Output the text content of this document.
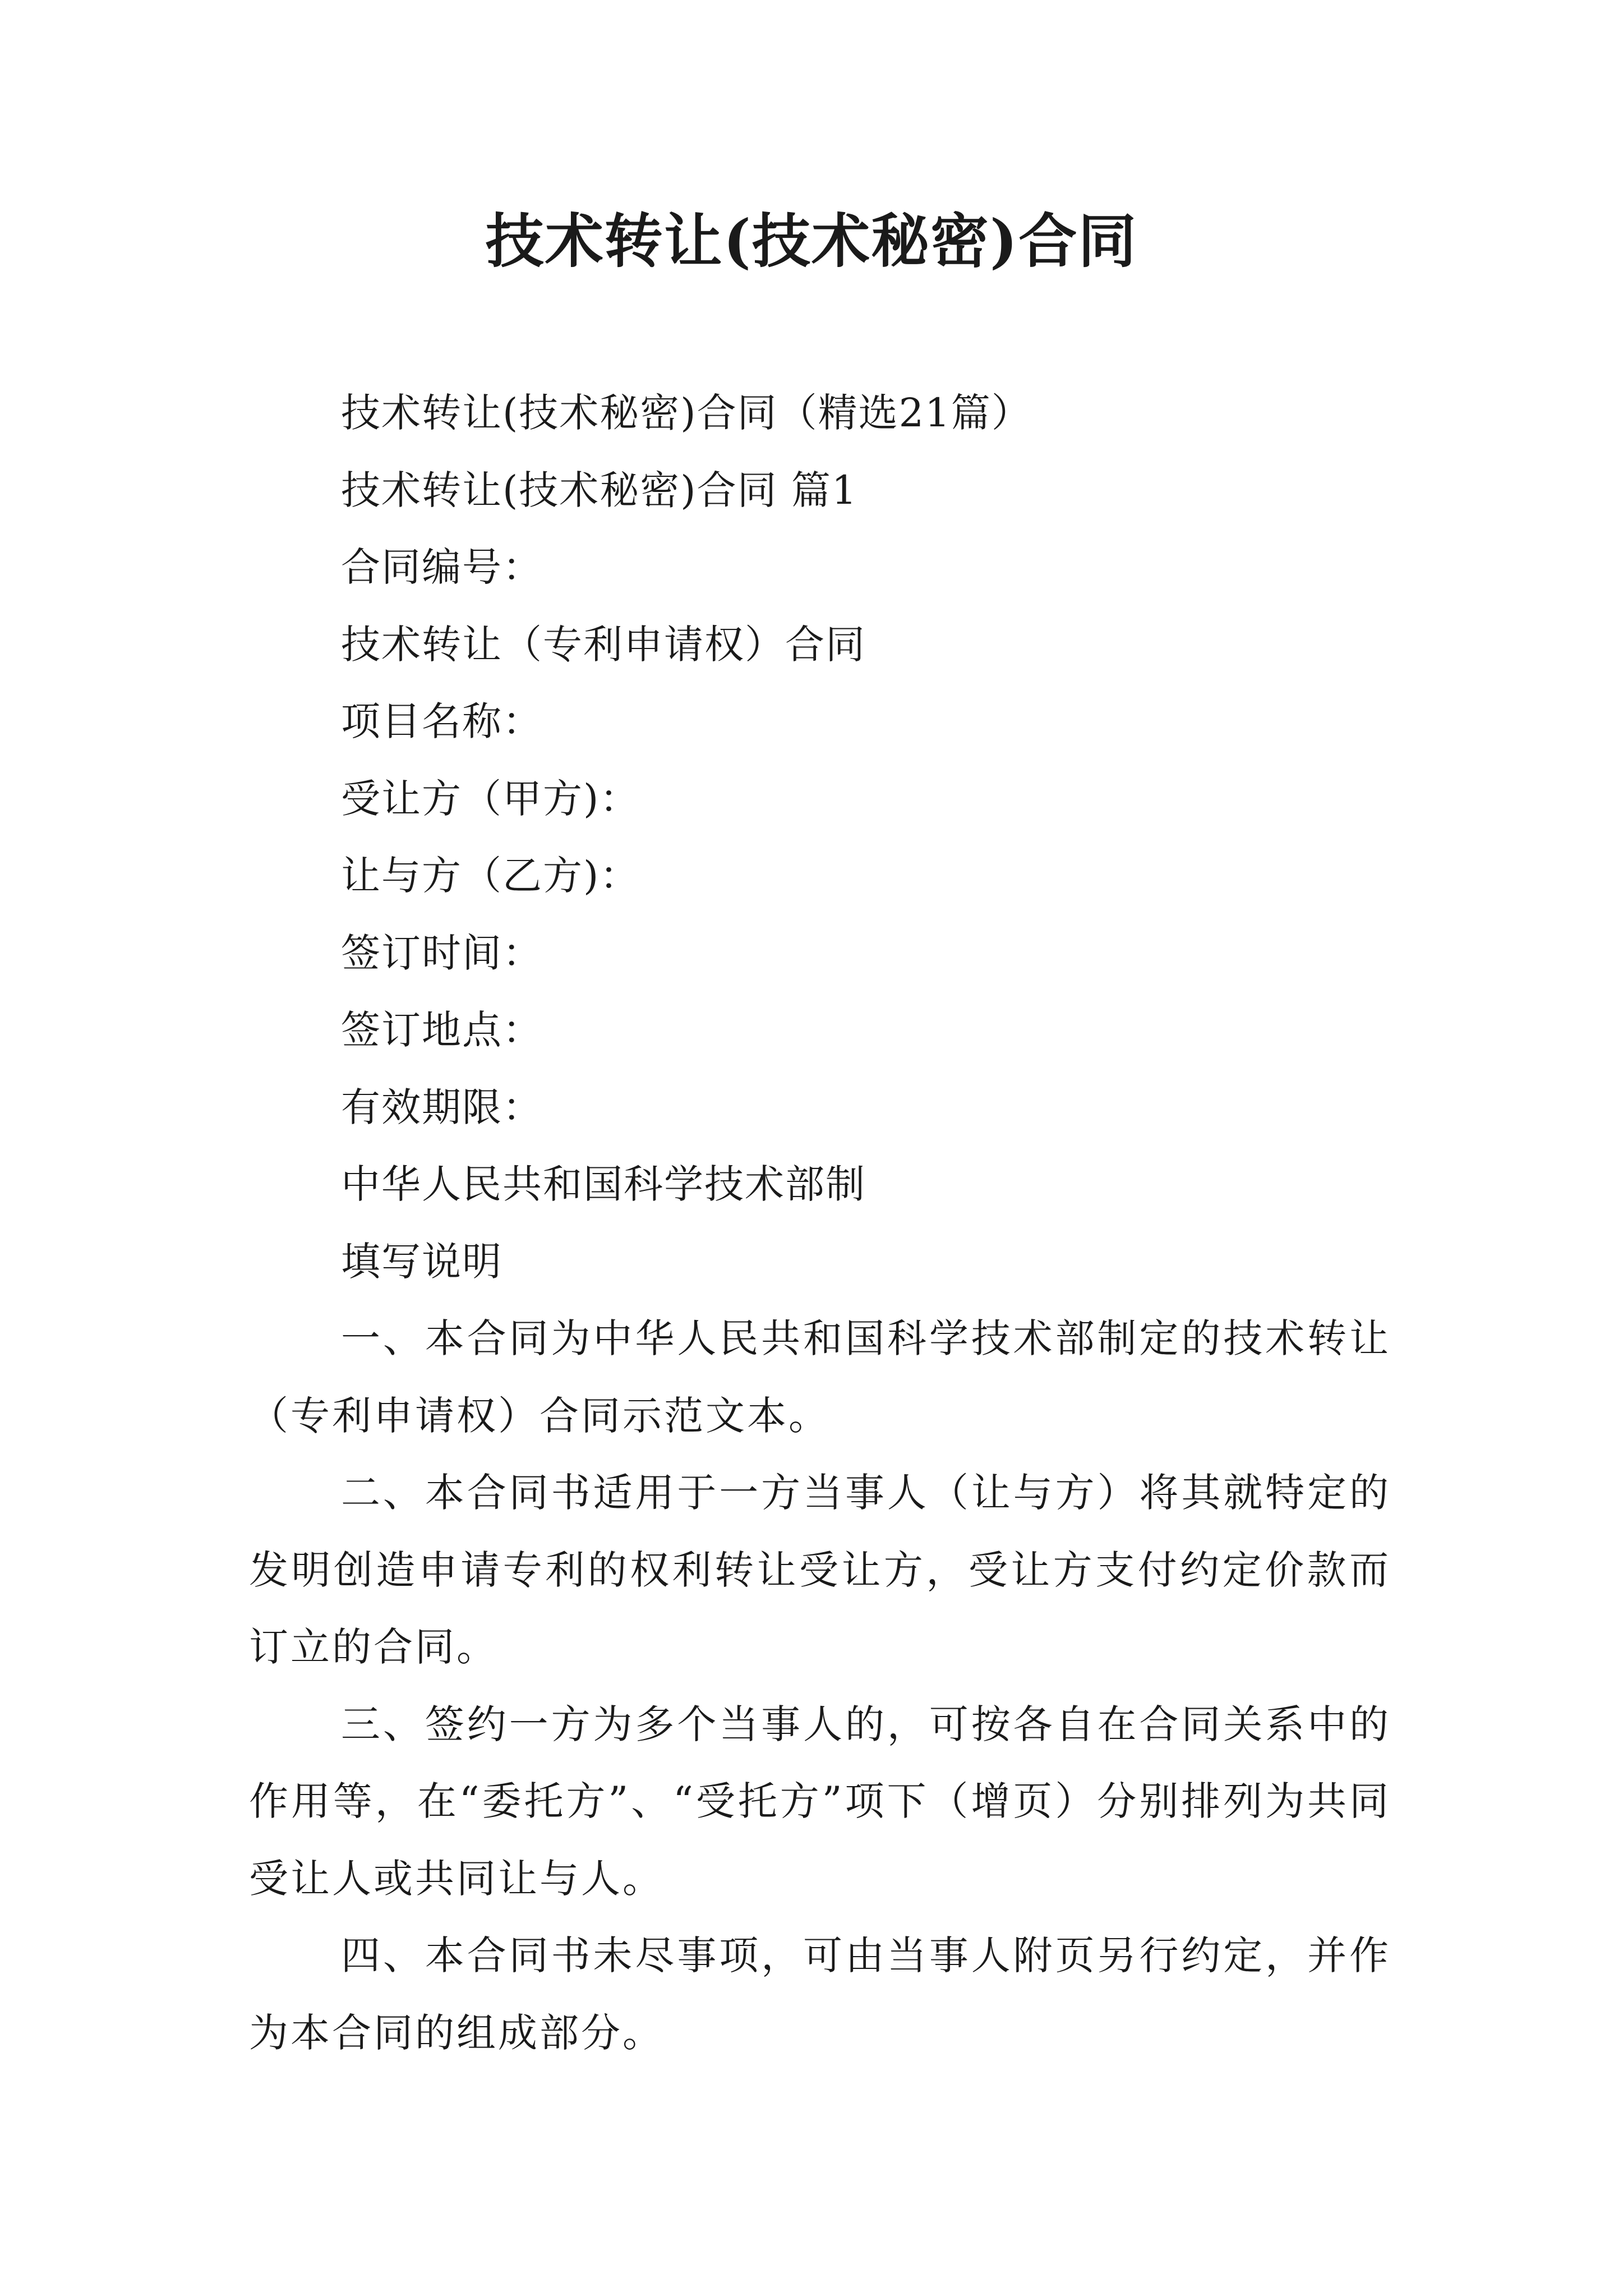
技术转让(技术秘密)合同

技术转让(技术秘密)合同（精选21篇）

技术转让(技术秘密)合同 篇1

合同编号：

技术转让（专利申请权）合同

项目名称：

受让方（甲方)：

让与方（乙方)：

签订时间：

签订地点：

有效期限：

中华人民共和国科学技术部制

填写说明

一、本合同为中华人民共和国科学技术部制定的技术转让（专利申请权）合同示范文本。

二、本合同书适用于一方当事人（让与方）将其就特定的发明创造申请专利的权利转让受让方，受让方支付约定价款而订立的合同。

三、签约一方为多个当事人的，可按各自在合同关系中的作用等，在“委托方”、“受托方”项下（增页）分别排列为共同受让人或共同让与人。

四、本合同书未尽事项，可由当事人附页另行约定，并作为本合同的组成部分。
